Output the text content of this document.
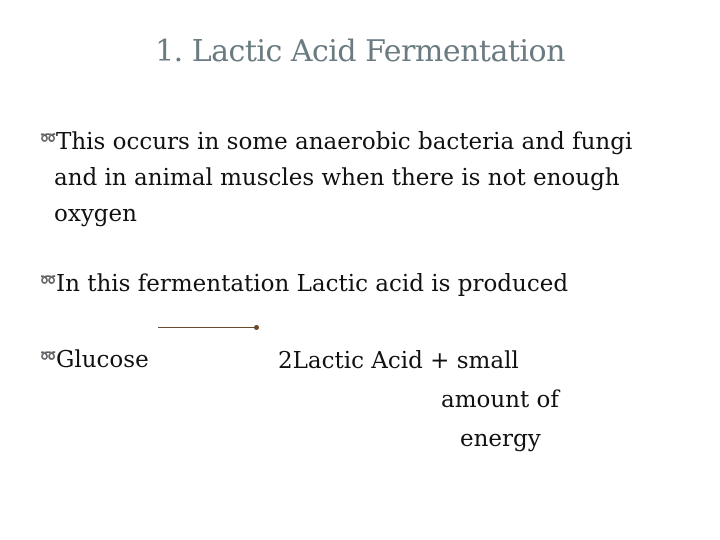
1. Lactic Acid Fermentation
➿ This occurs in some anaerobic bacteria and fungi
and in animal muscles when there is not enough
oxygen
➿ In this fermentation Lactic acid is produced
➿ Glucose	2Lactic Acid + small
amount of
energy
